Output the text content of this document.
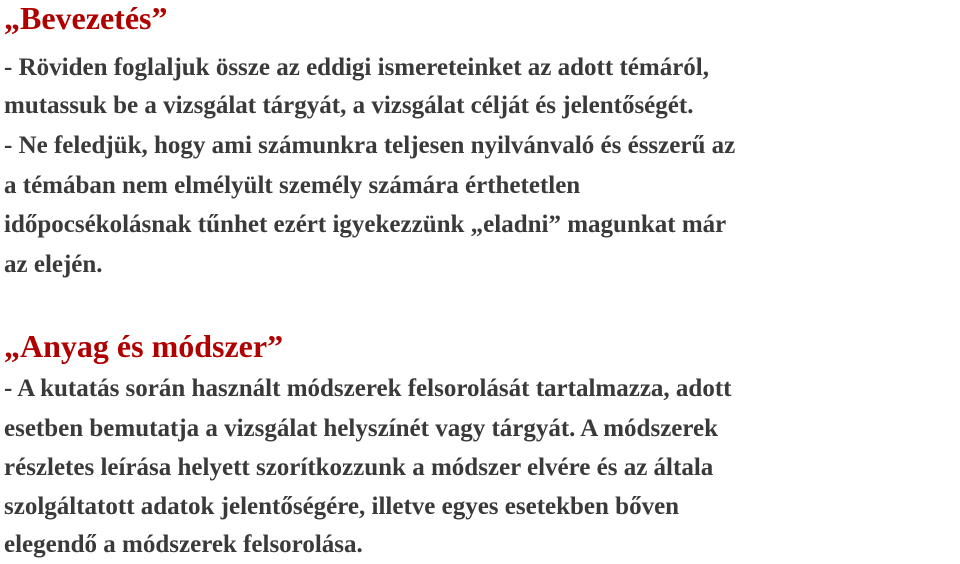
„Bevezetés”
- Röviden foglaljuk össze az eddigi ismereteinket az adott témáról,
mutassuk be a vizsgálat tárgyát, a vizsgálat célját és jelentőségét.
- Ne feledjük, hogy ami számunkra teljesen nyilvánvaló és ésszerű az
a témában nem elmélyült személy számára érthetetlen
időpocsékolásnak tűnhet ezért igyekezzünk „eladni” magunkat már
az elején.
„Anyag és módszer”
- A kutatás során használt módszerek felsorolását tartalmazza, adott
esetben bemutatja a vizsgálat helyszínét vagy tárgyát. A módszerek
részletes leírása helyett szorítkozzunk a módszer elvére és az általa
szolgáltatott adatok jelentőségére, illetve egyes esetekben bőven
elegendő a módszerek felsorolása.
